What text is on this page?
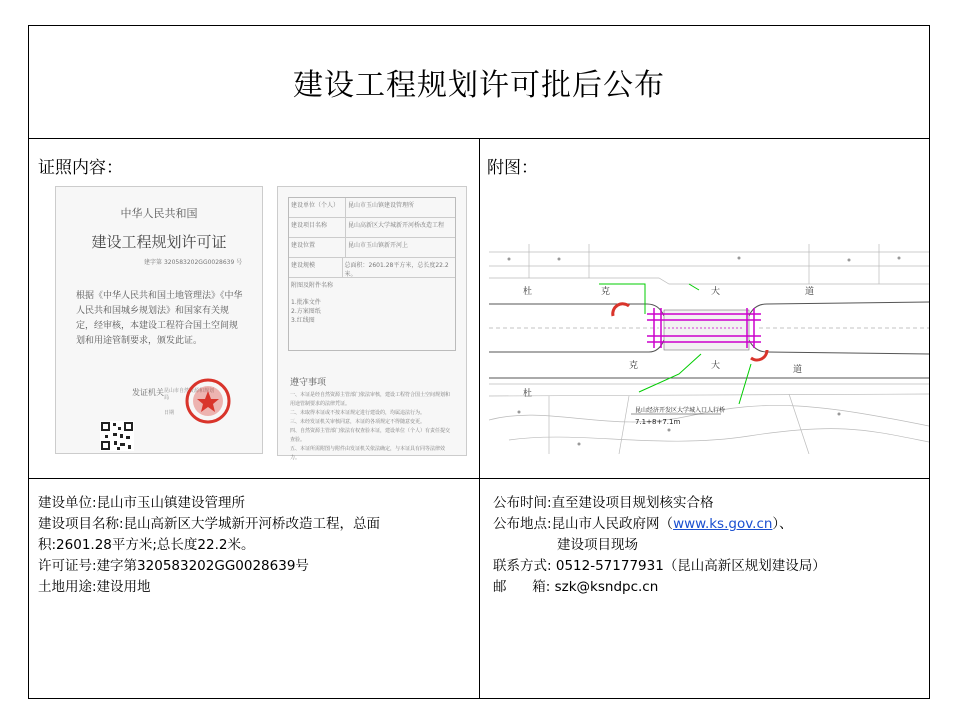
建设工程规划许可批后公布
证照内容：	附图：
中华人民共和国
建设工程规划许可证
建字第 320583202GG0028639 号
根据《中华人民共和国土地管理法》《中华人民共和国城乡规划法》和国家有关规定，经审核，本建设工程符合国土空间规划和用途管制要求，颁发此证。
发证机关 昆山市自然资源和规划局
日期
建设单位（个人）	昆山市玉山镇建设管理所
建设项目名称	昆山高新区大学城新开河桥改造工程
建设位置	昆山市玉山镇新开河上
建设规模	总面积：2601.28平方米，总长度22.2米。
附图及附件名称
1.批准文件
2.方案图纸
3.红线图
遵守事项
一、本证是经自然资源主管部门依法审核，建设工程符合国土空间规划和用途管制要求的法律凭证。
二、未取得本证或不按本证规定进行建设的，均属违法行为。
三、未经发证机关审核同意，本证的各项规定不得随意变更。
四、自然资源主管部门依法有权查验本证，建设单位（个人）有责任提交查验。
五、本证所需附图与附件由发证机关依法确定，与本证具有同等法律效力。
杜	克	大	道
杜
克	大	道
昆山经济开发区大学城入口人行桥
7.1+8+7.1m
建设单位:昆山市玉山镇建设管理所
建设项目名称:昆山高新区大学城新开河桥改造工程，总面
积:2601.28平方米;总长度22.2米。
许可证号:建字第320583202GG0028639号
土地用途:建设用地
公布时间:直至建设项目规划核实合格
公布地点:昆山市人民政府网（www.ks.gov.cn）、
建设项目现场
联系方式: 0512-57177931（昆山高新区规划建设局）
邮      箱: szk@ksndpc.cn
